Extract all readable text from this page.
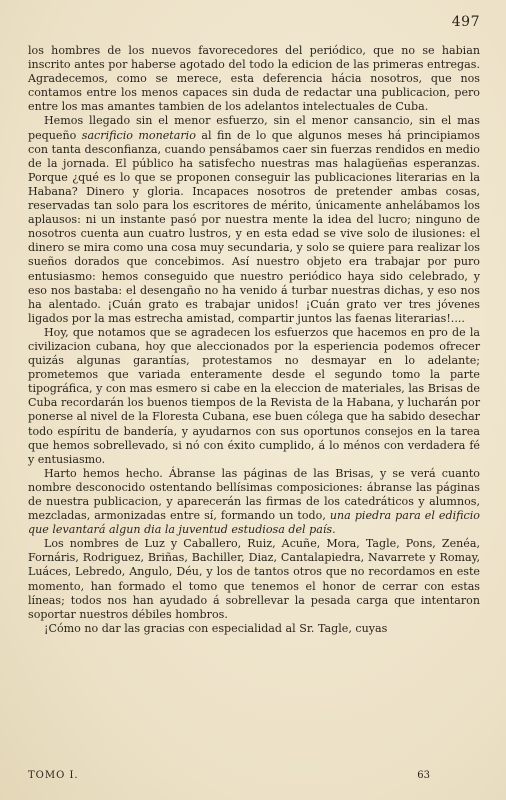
497

los hombres de los nuevos favorecedores del periódico, que no se habian inscrito antes por haberse agotado del todo la edicion de las primeras entregas. Agradecemos, como se merece, esta deferencia hácia nosotros, que nos contamos entre los menos capaces sin duda de redactar una publicacion, pero entre los mas amantes tambien de los adelantos intelectuales de Cuba.

Hemos llegado sin el menor esfuerzo, sin el menor cansancio, sin el mas pequeño sacrificio monetario al fin de lo que algunos meses há principiamos con tanta desconfianza, cuando pensábamos caer sin fuerzas rendidos en medio de la jornada. El público ha satisfecho nuestras mas halagüeñas esperanzas. Porque ¿qué es lo que se proponen conseguir las publicaciones literarias en la Habana? Dinero y gloria. Incapaces nosotros de pretender ambas cosas, reservadas tan solo para los escritores de mérito, únicamente anhelábamos los aplausos: ni un instante pasó por nuestra mente la idea del lucro; ninguno de nosotros cuenta aun cuatro lustros, y en esta edad se vive solo de ilusiones: el dinero se mira como una cosa muy secundaria, y solo se quiere para realizar los sueños dorados que concebimos. Así nuestro objeto era trabajar por puro entusiasmo: hemos conseguido que nuestro periódico haya sido celebrado, y eso nos bastaba: el desengaño no ha venido á turbar nuestras dichas, y eso nos ha alentado. ¡Cuán grato es trabajar unidos! ¡Cuán grato ver tres jóvenes ligados por la mas estrecha amistad, compartir juntos las faenas literarias!....

Hoy, que notamos que se agradecen los esfuerzos que hacemos en pro de la civilizacion cubana, hoy que aleccionados por la esperiencia podemos ofrecer quizás algunas garantías, protestamos no desmayar en lo adelante; prometemos que variada enteramente desde el segundo tomo la parte tipográfica, y con mas esmero si cabe en la eleccion de materiales, las Brisas de Cuba recordarán los buenos tiempos de la Revista de la Habana, y lucharán por ponerse al nivel de la Floresta Cubana, ese buen cólega que ha sabido desechar todo espíritu de bandería, y ayudarnos con sus oportunos consejos en la tarea que hemos sobrellevado, si nó con éxito cumplido, á lo ménos con verdadera fé y entusiasmo.

Harto hemos hecho. Ábranse las páginas de las Brisas, y se verá cuanto nombre desconocido ostentando bellísimas composiciones: ábranse las páginas de nuestra publicacion, y aparecerán las firmas de los catedráticos y alumnos, mezcladas, armonizadas entre sí, formando un todo, una piedra para el edificio que levantará algun dia la juventud estudiosa del país.

Los nombres de Luz y Caballero, Ruiz, Acuñe, Mora, Tagle, Pons, Zenéa, Fornáris, Rodriguez, Briñas, Bachiller, Diaz, Cantalapiedra, Navarrete y Romay, Luáces, Lebredo, Angulo, Déu, y los de tantos otros que no recordamos en este momento, han formado el tomo que tenemos el honor de cerrar con estas líneas; todos nos han ayudado á sobrellevar la pesada carga que intentaron soportar nuestros débiles hombros.

¡Cómo no dar las gracias con especialidad al Sr. Tagle, cuyas

TOMO I.	63
